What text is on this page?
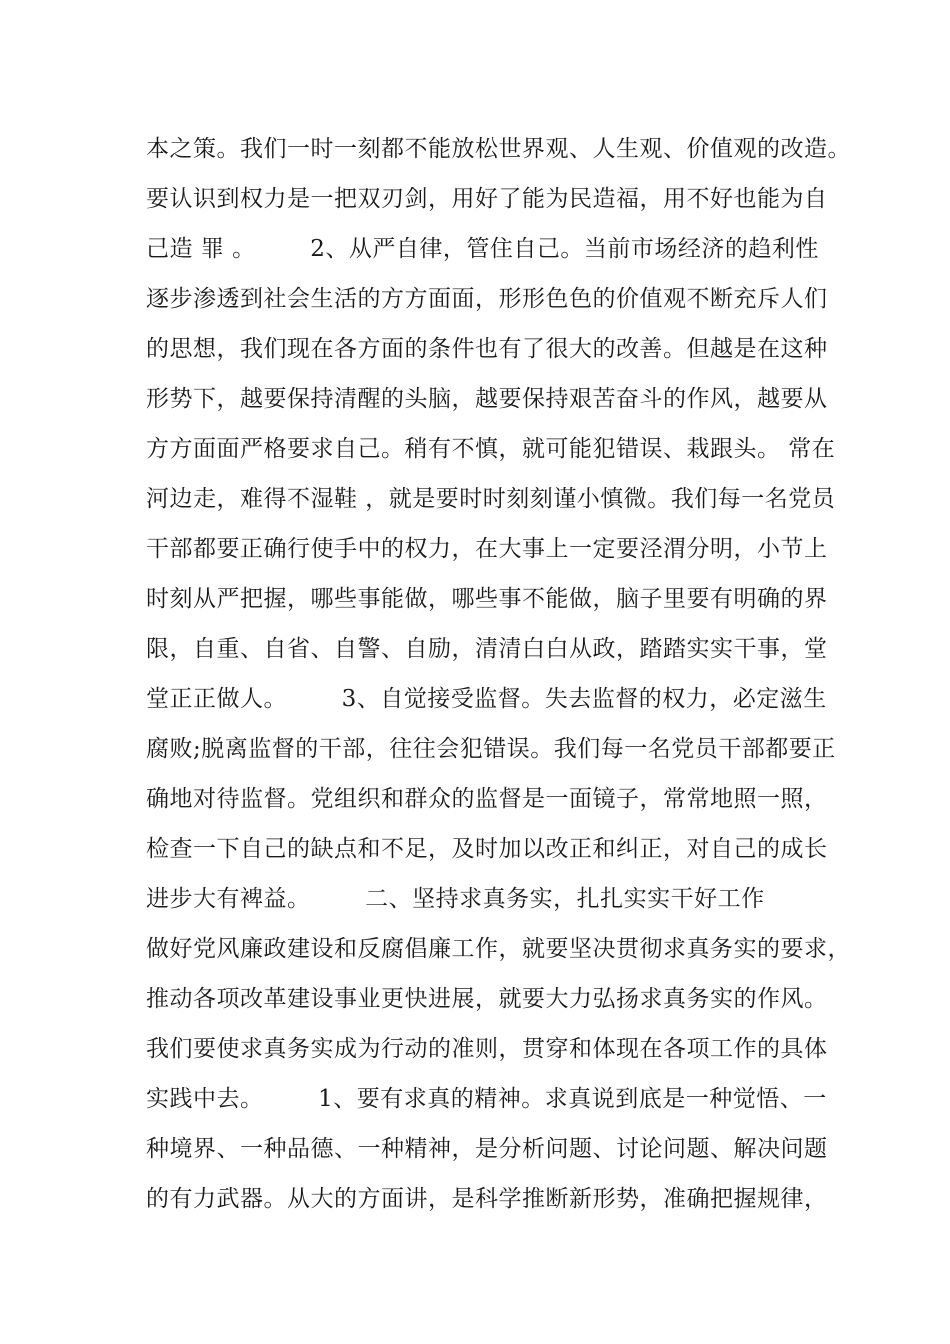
本之策。我们一时一刻都不能放松世界观、人生观、价值观的改造。
要认识到权力是一把双刃剑，用好了能为民造福，用不好也能为自
己造 罪 。       2、从严自律，管住自己。当前市场经济的趋利性
逐步渗透到社会生活的方方面面，形形色色的价值观不断充斥人们
的思想，我们现在各方面的条件也有了很大的改善。但越是在这种
形势下，越要保持清醒的头脑，越要保持艰苦奋斗的作风，越要从
方方面面严格要求自己。稍有不慎，就可能犯错误、栽跟头。 常在
河边走，难得不湿鞋 ，就是要时时刻刻谨小慎微。我们每一名党员
干部都要正确行使手中的权力，在大事上一定要泾渭分明，小节上
时刻从严把握，哪些事能做，哪些事不能做，脑子里要有明确的界
限，自重、自省、自警、自励，清清白白从政，踏踏实实干事，堂
堂正正做人。       3、自觉接受监督。失去监督的权力，必定滋生
腐败;脱离监督的干部，往往会犯错误。我们每一名党员干部都要正
确地对待监督。党组织和群众的监督是一面镜子，常常地照一照，
检查一下自己的缺点和不足，及时加以改正和纠正，对自己的成长
进步大有裨益。       二、坚持求真务实，扎扎实实干好工作
做好党风廉政建设和反腐倡廉工作，就要坚决贯彻求真务实的要求，
推动各项改革建设事业更快进展，就要大力弘扬求真务实的作风。
我们要使求真务实成为行动的准则，贯穿和体现在各项工作的具体
实践中去。       1、要有求真的精神。求真说到底是一种觉悟、一
种境界、一种品德、一种精神，是分析问题、讨论问题、解决问题
的有力武器。从大的方面讲，是科学推断新形势，准确把握规律，
